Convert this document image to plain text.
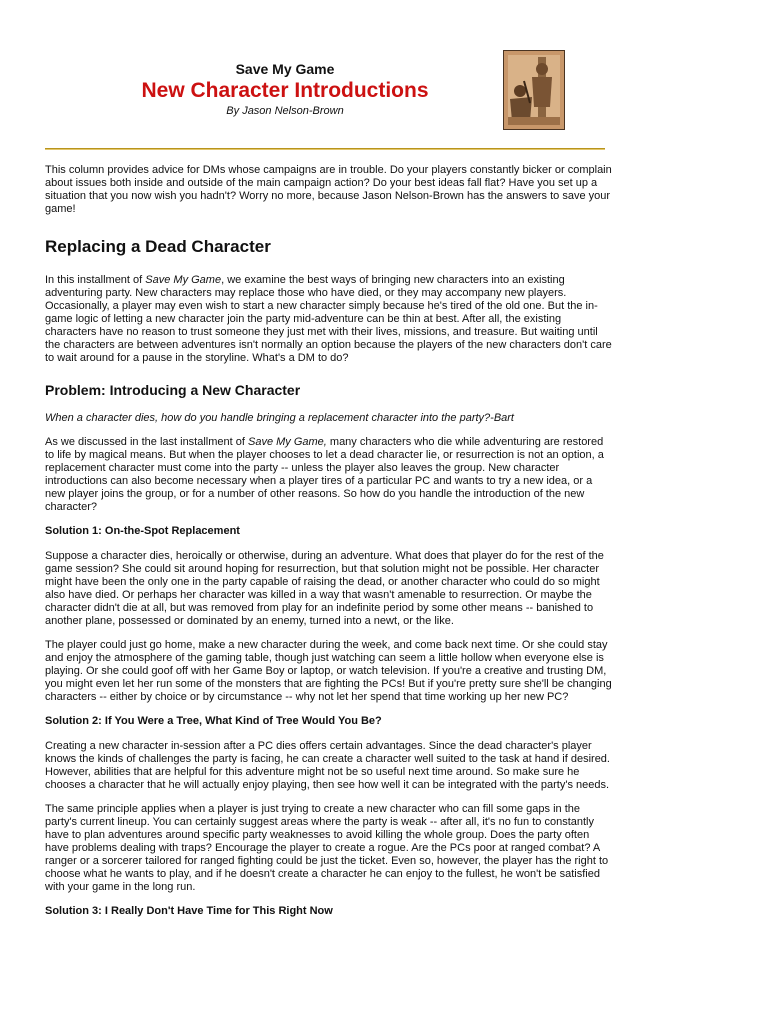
Save My Game

New Character Introductions

By Jason Nelson-Brown

This column provides advice for DMs whose campaigns are in trouble. Do your players constantly bicker or complain about issues both inside and outside of the main campaign action? Do your best ideas fall flat? Have you set up a situation that you now wish you hadn't? Worry no more, because Jason Nelson-Brown has the answers to save your game!

Replacing a Dead Character

In this installment of Save My Game, we examine the best ways of bringing new characters into an existing adventuring party. New characters may replace those who have died, or they may accompany new players. Occasionally, a player may even wish to start a new character simply because he's tired of the old one. But the in-game logic of letting a new character join the party mid-adventure can be thin at best. After all, the existing characters have no reason to trust someone they just met with their lives, missions, and treasure. But waiting until the characters are between adventures isn't normally an option because the players of the new characters don't care to wait around for a pause in the storyline. What's a DM to do?

Problem: Introducing a New Character

When a character dies, how do you handle bringing a replacement character into the party?-Bart

As we discussed in the last installment of Save My Game, many characters who die while adventuring are restored to life by magical means. But when the player chooses to let a dead character lie, or resurrection is not an option, a replacement character must come into the party -- unless the player also leaves the group. New character introductions can also become necessary when a player tires of a particular PC and wants to try a new idea, or a new player joins the group, or for a number of other reasons. So how do you handle the introduction of the new character?

Solution 1: On-the-Spot Replacement

Suppose a character dies, heroically or otherwise, during an adventure. What does that player do for the rest of the game session? She could sit around hoping for resurrection, but that solution might not be possible. Her character might have been the only one in the party capable of raising the dead, or another character who could do so might also have died. Or perhaps her character was killed in a way that wasn't amenable to resurrection. Or maybe the character didn't die at all, but was removed from play for an indefinite period by some other means -- banished to another plane, possessed or dominated by an enemy, turned into a newt, or the like.

The player could just go home, make a new character during the week, and come back next time. Or she could stay and enjoy the atmosphere of the gaming table, though just watching can seem a little hollow when everyone else is playing. Or she could goof off with her Game Boy or laptop, or watch television. If you're a creative and trusting DM, you might even let her run some of the monsters that are fighting the PCs! But if you're pretty sure she'll be changing characters -- either by choice or by circumstance -- why not let her spend that time working up her new PC?

Solution 2: If You Were a Tree, What Kind of Tree Would You Be?

Creating a new character in-session after a PC dies offers certain advantages. Since the dead character's player knows the kinds of challenges the party is facing, he can create a character well suited to the task at hand if desired. However, abilities that are helpful for this adventure might not be so useful next time around. So make sure he chooses a character that he will actually enjoy playing, then see how well it can be integrated with the party's needs.

The same principle applies when a player is just trying to create a new character who can fill some gaps in the party's current lineup. You can certainly suggest areas where the party is weak -- after all, it's no fun to constantly have to plan adventures around specific party weaknesses to avoid killing the whole group. Does the party often have problems dealing with traps? Encourage the player to create a rogue. Are the PCs poor at ranged combat? A ranger or a sorcerer tailored for ranged fighting could be just the ticket. Even so, however, the player has the right to choose what he wants to play, and if he doesn't create a character he can enjoy to the fullest, he won't be satisfied with your game in the long run.

Solution 3: I Really Don't Have Time for This Right Now
